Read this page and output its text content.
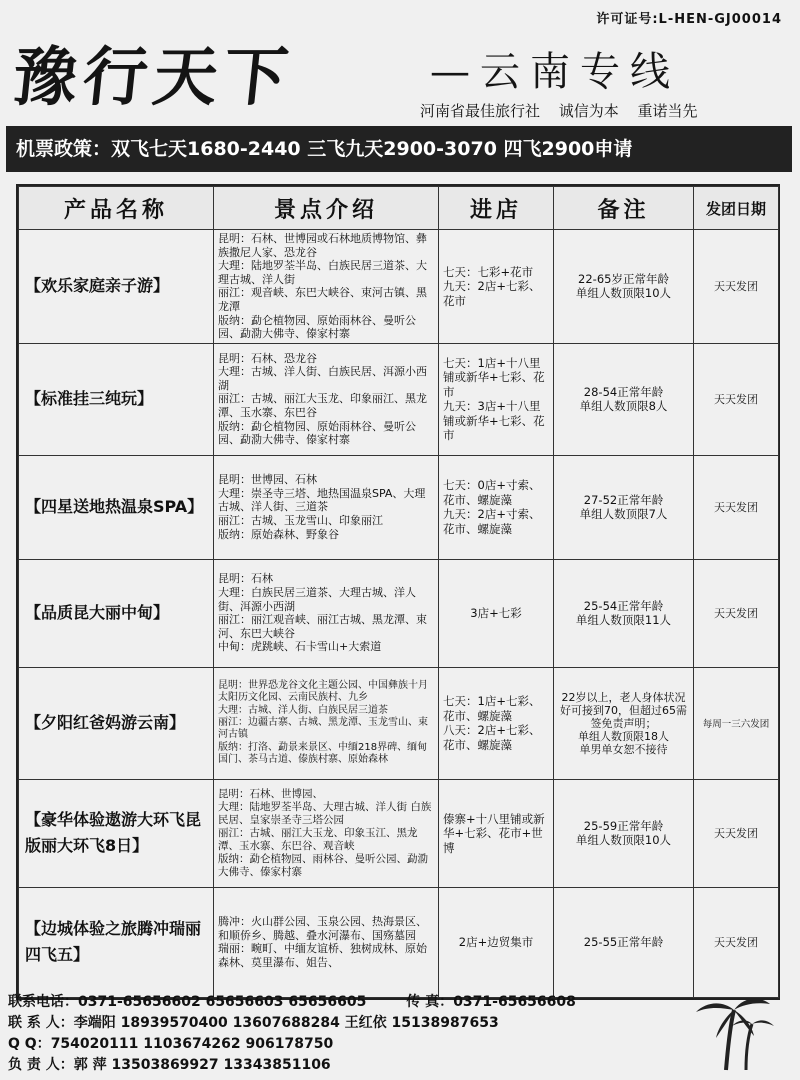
许可证号:L-HEN-GJ00014
豫行天下	—云南专线
河南省最佳旅行社 诚信为本 重诺当先
机票政策：双飞七天1680-2440 三飞九天2900-3070 四飞2900申请
产品名称	景点介绍	进店	备注	发团日期
【欢乐家庭亲子游】	昆明：石林、世博园或石林地质博物馆、彝族撒尼人家、恐龙谷
大理：陆地罗荃半岛、白族民居三道茶、大理古城、洋人街
丽江：观音峡、东巴大峡谷、束河古镇、黑龙潭
版纳：勐仑植物园、原始雨林谷、曼听公园、勐泐大佛寺、傣家村寨	七天：七彩+花市
九天：2店+七彩、花市	22-65岁正常年龄
单组人数顶限10人	天天发团
【标准挂三纯玩】	昆明：石林、恐龙谷
大理：古城、洋人街、白族民居、洱源小西湖
丽江：古城、丽江大玉龙、印象丽江、黑龙潭、玉水寨、东巴谷
版纳：勐仑植物园、原始雨林谷、曼听公园、勐泐大佛寺、傣家村寨	七天：1店+十八里铺或新华+七彩、花市
九天：3店+十八里铺或新华+七彩、花市	28-54正常年龄
单组人数顶限8人	天天发团
【四星送地热温泉SPA】	昆明：世博园、石林
大理：崇圣寺三塔、地热国温泉SPA、大理古城、洋人街、三道茶
丽江：古城、玉龙雪山、印象丽江
版纳：原始森林、野象谷	七天：0店+寸索、花市、螺旋藻
九天：2店+寸索、花市、螺旋藻	27-52正常年龄
单组人数顶限7人	天天发团
【品质昆大丽中甸】	昆明：石林
大理：白族民居三道茶、大理古城、洋人街、洱源小西湖
丽江：丽江观音峡、丽江古城、黑龙潭、束河、东巴大峡谷
中甸：虎跳峡、石卡雪山+大索道	3店+七彩	25-54正常年龄
单组人数顶限11人	天天发团
【夕阳红爸妈游云南】	昆明：世界恐龙谷文化主题公园、中国彝族十月太阳历文化园、云南民族村、九乡
大理：古城、洋人街、白族民居三道茶
丽江：边疆古寨、古城、黑龙潭、玉龙雪山、束河古镇
版纳：打洛、勐景来景区、中缅218界碑、缅甸国门、茶马古道、傣族村寨、原始森林	七天：1店+七彩、花市、螺旋藻
八天：2店+七彩、花市、螺旋藻	22岁以上，老人身体状况好可接到70，但超过65需签免责声明；
单组人数顶限18人
单男单女恕不接待	每周一三六发团
【豪华体验遨游大环飞昆版丽大环飞8日】	昆明：石林、世博园、
大理：陆地罗荃半岛、大理古城、洋人街 白族民居、皇家崇圣寺三塔公园
丽江：古城、丽江大玉龙、印象玉江、黑龙潭、玉水寨、东巴谷、观音峡
版纳：勐仑植物园、雨林谷、曼听公园、勐泐大佛寺、傣家村寨	傣寨+十八里铺或新华+七彩、花市+世博	25-59正常年龄
单组人数顶限10人	天天发团
【边城体验之旅腾冲瑞丽四飞五】	腾冲：火山群公园、玉泉公园、热海景区、和顺侨乡、腾越、叠水河瀑布、国殇墓园
瑞丽：畹町、中缅友谊桥、独树成林、原始森林、莫里瀑布、姐告、	2店+边贸集市	25-55正常年龄	天天发团
联系电话：0371-65656602 65656603 65656605	传 真：0371-65656608
联 系 人：李端阳 18939570400 13607688284 王红依 15138987653
Q Q：754020111 1103674262 906178750
负 责 人：郭 萍 13503869927 13343851106
